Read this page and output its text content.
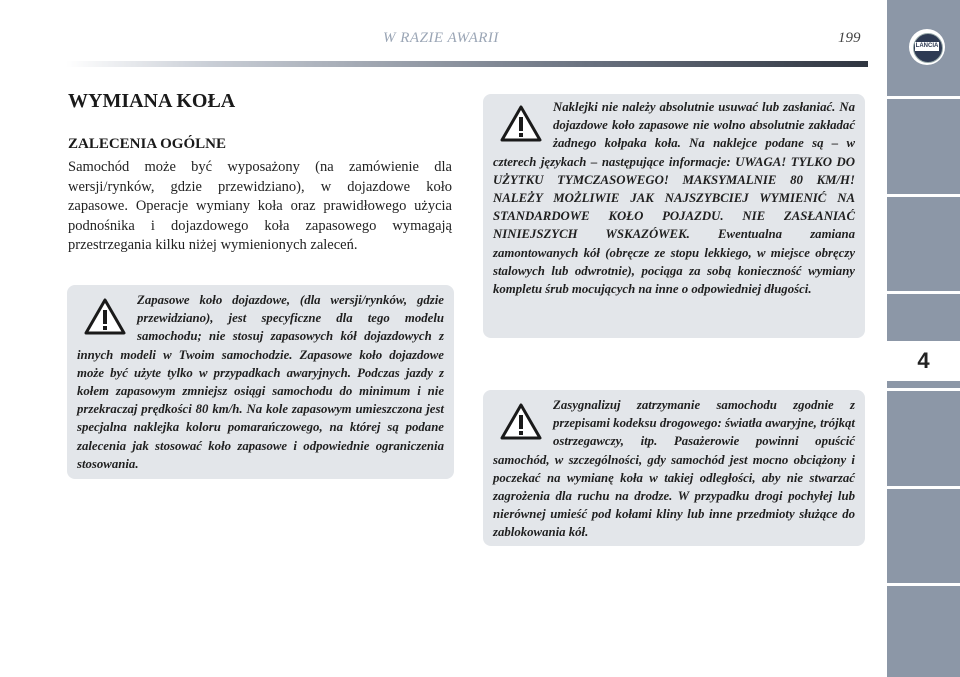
W RAZIE AWARII	199	LANCIA
4
WYMIANA KOŁA
ZALECENIA OGÓLNE
Samochód może być wyposażony (na zamówienie dla wersji/rynków, gdzie przewidziano), w dojazdowe koło zapasowe. Operacje wymiany koła oraz prawidłowego użycia podnośnika i dojazdowego koła zapasowego wymagają przestrzegania kilku niżej wymienionych zaleceń.
Zapasowe koło dojazdowe, (dla wersji/rynków, gdzie przewidziano), jest specyficzne dla tego modelu samochodu; nie stosuj zapasowych kół dojazdowych z innych modeli w Twoim samochodzie. Zapasowe koło dojazdowe może być użyte tylko w przypadkach awaryjnych. Podczas jazdy z kołem zapasowym zmniejsz osiągi samochodu do minimum i nie przekraczaj prędkości 80 km/h. Na kole zapasowym umieszczona jest specjalna naklejka koloru pomarańczowego, na której są podane zalecenia jak stosować koło zapasowe i odpowiednie ograniczenia stosowania.
Naklejki nie należy absolutnie usuwać lub zasłaniać. Na dojazdowe koło zapasowe nie wolno absolutnie zakładać żadnego kołpaka koła. Na naklejce podane są – w czterech językach – następujące informacje: UWAGA! TYLKO DO UŻYTKU TYMCZASOWEGO! MAKSYMALNIE 80 KM/H! NALEŻY MOŻLIWIE JAK NAJSZYBCIEJ WYMIENIĆ NA STANDARDOWE KOŁO POJAZDU. NIE ZASŁANIAĆ NINIEJSZYCH WSKAZÓWEK. Ewentualna zamiana zamontowanych kół (obręcze ze stopu lekkiego, w miejsce obręczy stalowych lub odwrotnie), pociąga za sobą konieczność wymiany kompletu śrub mocujących na inne o odpowiedniej długości.
Zasygnalizuj zatrzymanie samochodu zgodnie z przepisami kodeksu drogowego: światła awaryjne, trójkąt ostrzegawczy, itp. Pasażerowie powinni opuścić samochód, w szczególności, gdy samochód jest mocno obciążony i poczekać na wymianę koła w takiej odległości, aby nie stwarzać zagrożenia dla ruchu na drodze. W przypadku drogi pochyłej lub nierównej umieść pod kołami kliny lub inne przedmioty służące do zablokowania kół.
